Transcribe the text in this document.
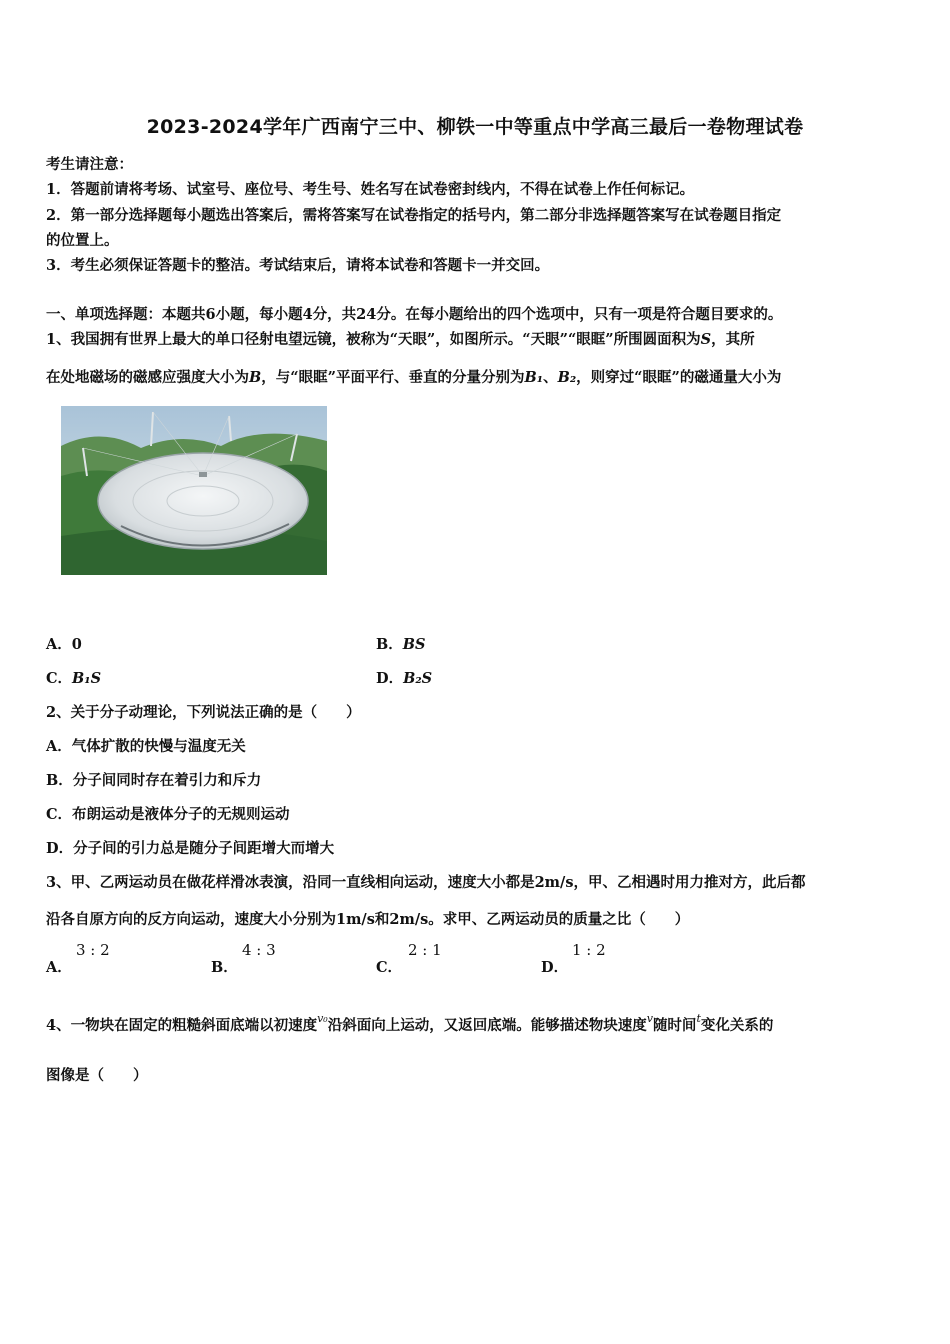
2023-2024学年广西南宁三中、柳铁一中等重点中学高三最后一卷物理试卷
考生请注意：
1．答题前请将考场、试室号、座位号、考生号、姓名写在试卷密封线内，不得在试卷上作任何标记。
2．第一部分选择题每小题选出答案后，需将答案写在试卷指定的括号内，第二部分非选择题答案写在试卷题目指定
的位置上。
3．考生必须保证答题卡的整洁。考试结束后，请将本试卷和答题卡一并交回。
一、单项选择题：本题共6小题，每小题4分，共24分。在每小题给出的四个选项中，只有一项是符合题目要求的。
1、我国拥有世界上最大的单口径射电望远镜，被称为“天眼”，如图所示。“天眼”“眼眶”所围圆面积为S，其所
在处地磁场的磁感应强度大小为B，与“眼眶”平面平行、垂直的分量分别为B₁、B₂，则穿过“眼眶”的磁通量大小为
A．0	B．BS
C．B₁S	D．B₂S
2、关于分子动理论，下列说法正确的是（　　）
A．气体扩散的快慢与温度无关
B．分子间同时存在着引力和斥力
C．布朗运动是液体分子的无规则运动
D．分子间的引力总是随分子间距增大而增大
3、甲、乙两运动员在做花样滑冰表演，沿同一直线相向运动，速度大小都是2m/s，甲、乙相遇时用力推对方，此后都
沿各自原方向的反方向运动，速度大小分别为1m/s和2m/s。求甲、乙两运动员的质量之比（　　）
A．
3 : 2
B．
4 : 3
C．
2 : 1
D．
1 : 2
4、一物块在固定的粗糙斜面底端以初速度$^{v_0}$沿斜面向上运动，又返回底端。能够描述物块速度$^v$随时间$^t$变化关系的
图像是（　　）
